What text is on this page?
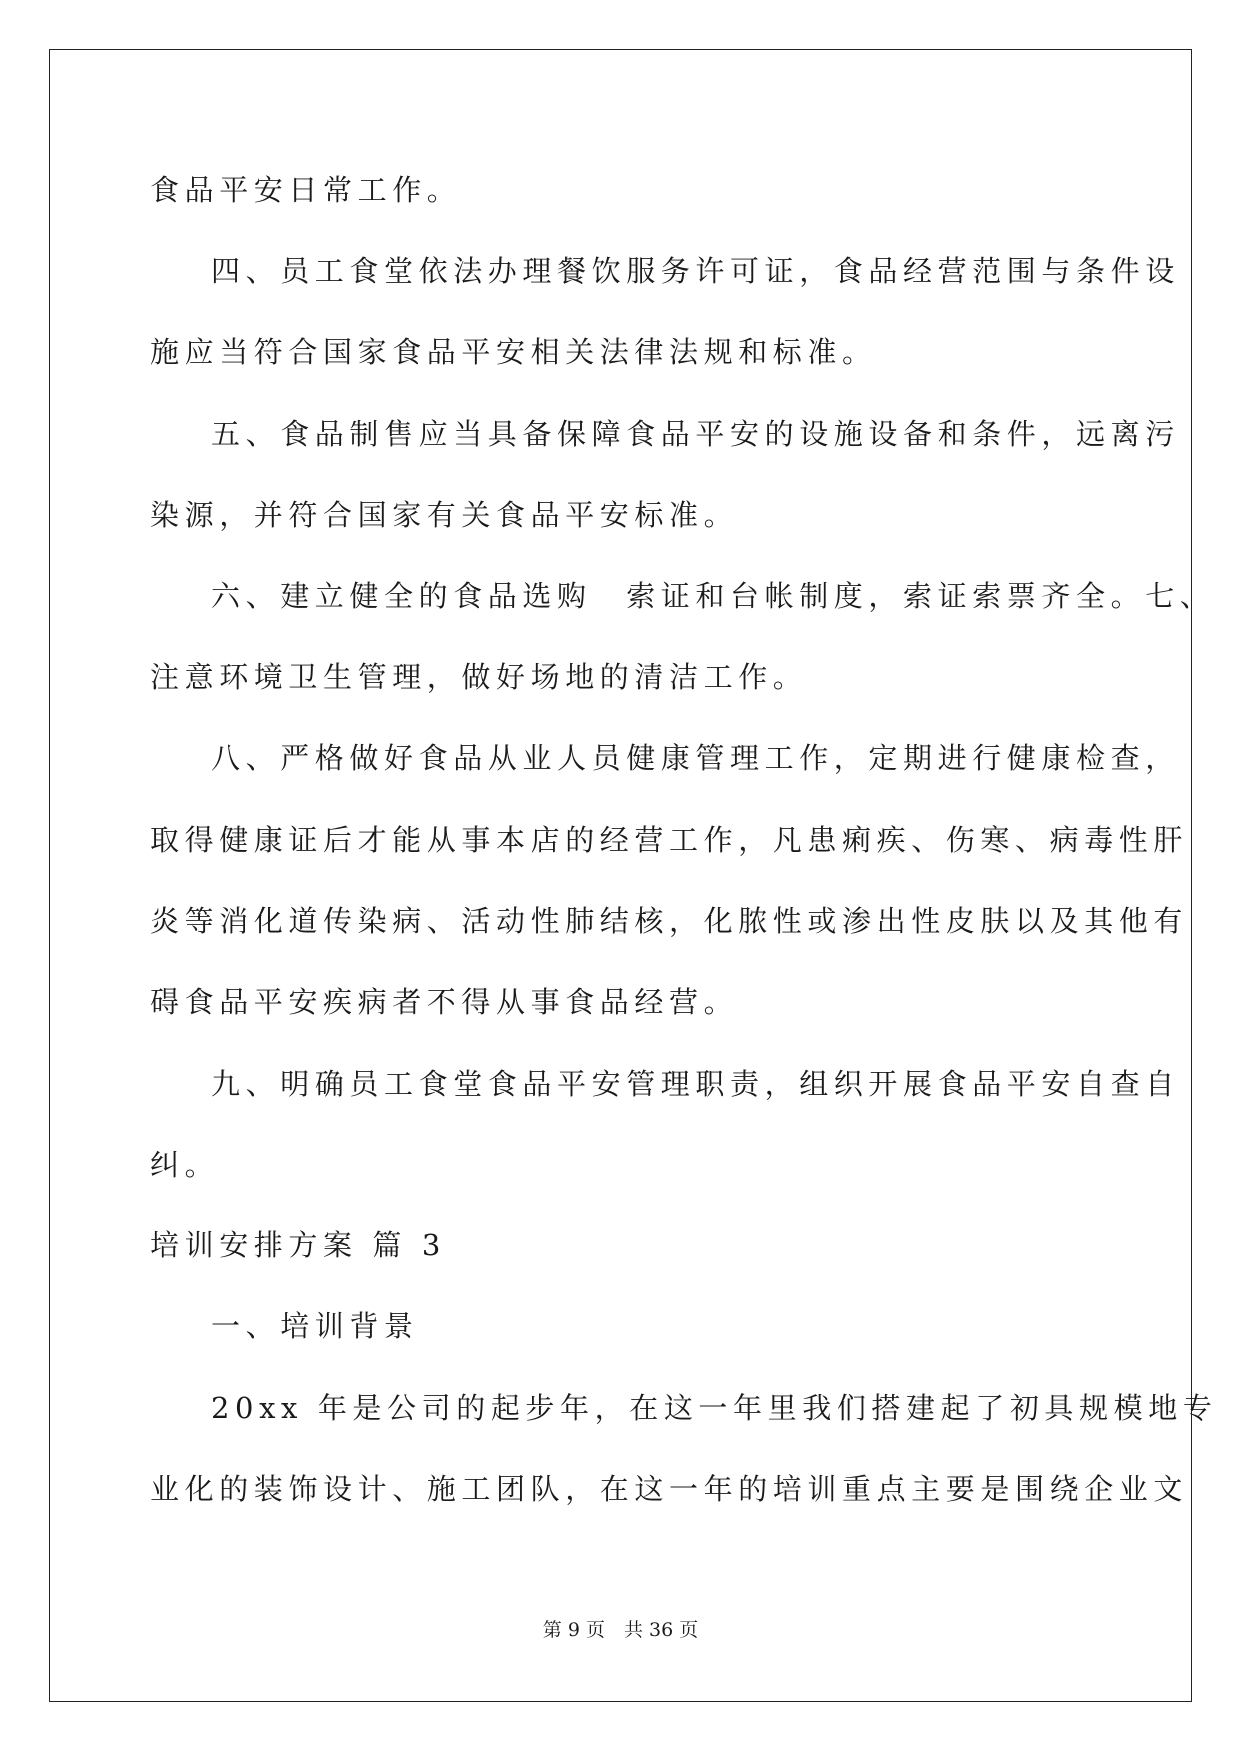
食品平安日常工作。
四、员工食堂依法办理餐饮服务许可证，食品经营范围与条件设
施应当符合国家食品平安相关法律法规和标准。
五、食品制售应当具备保障食品平安的设施设备和条件，远离污
染源，并符合国家有关食品平安标准。
六、建立健全的食品选购　索证和台帐制度，索证索票齐全。七、
注意环境卫生管理，做好场地的清洁工作。
八、严格做好食品从业人员健康管理工作，定期进行健康检查，
取得健康证后才能从事本店的经营工作，凡患痢疾、伤寒、病毒性肝
炎等消化道传染病、活动性肺结核，化脓性或渗出性皮肤以及其他有
碍食品平安疾病者不得从事食品经营。
九、明确员工食堂食品平安管理职责，组织开展食品平安自查自
纠。
培训安排方案 篇 3
一、培训背景
20xx 年是公司的起步年，在这一年里我们搭建起了初具规模地专
业化的装饰设计、施工团队，在这一年的培训重点主要是围绕企业文
第 9 页　共 36 页
